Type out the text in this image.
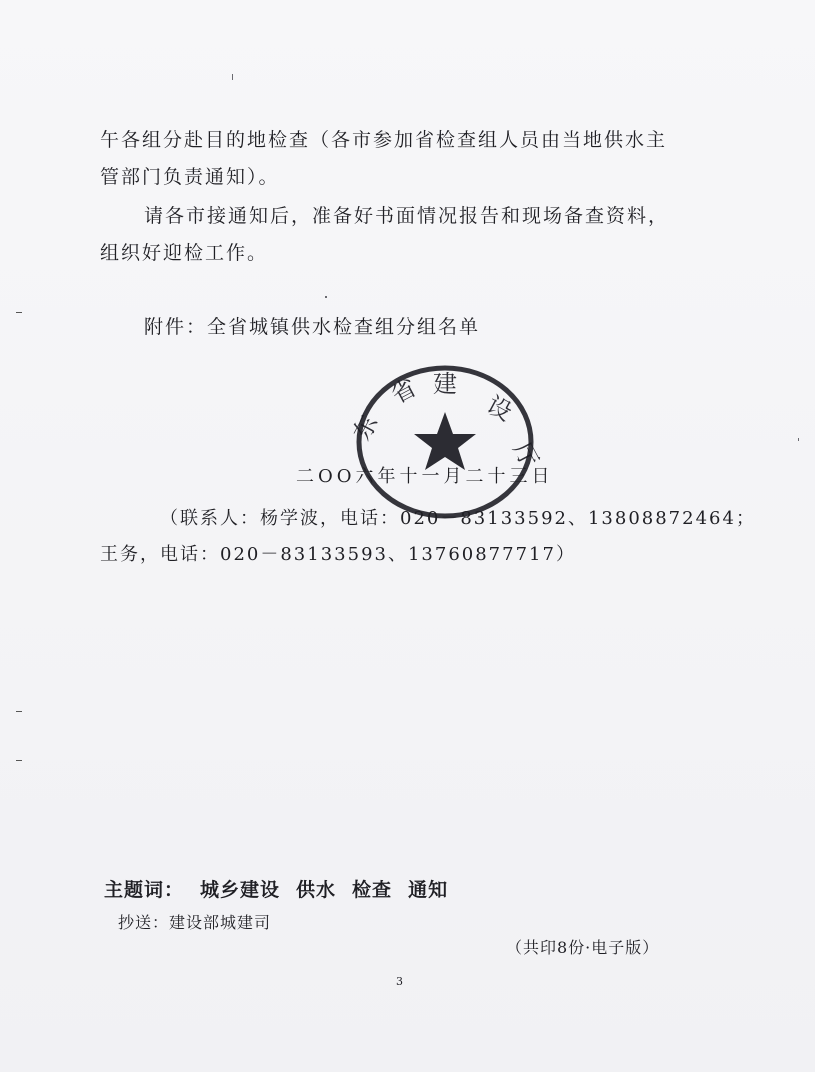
午各组分赴目的地检查（各市参加省检查组人员由当地供水主
管部门负责通知）。
请各市接通知后，准备好书面情况报告和现场备查资料，
组织好迎检工作。
附件：全省城镇供水检查组分组名单
东
省 建
设
厅
二OO六年十一月二十三日
（联系人：杨学波，电话：020－83133592、13808872464；
王务，电话：020－83133593、13760877717）
主题词： 城乡建设 供水 检查 通知
抄送：建设部城建司
（共印8份·电子版）
3
